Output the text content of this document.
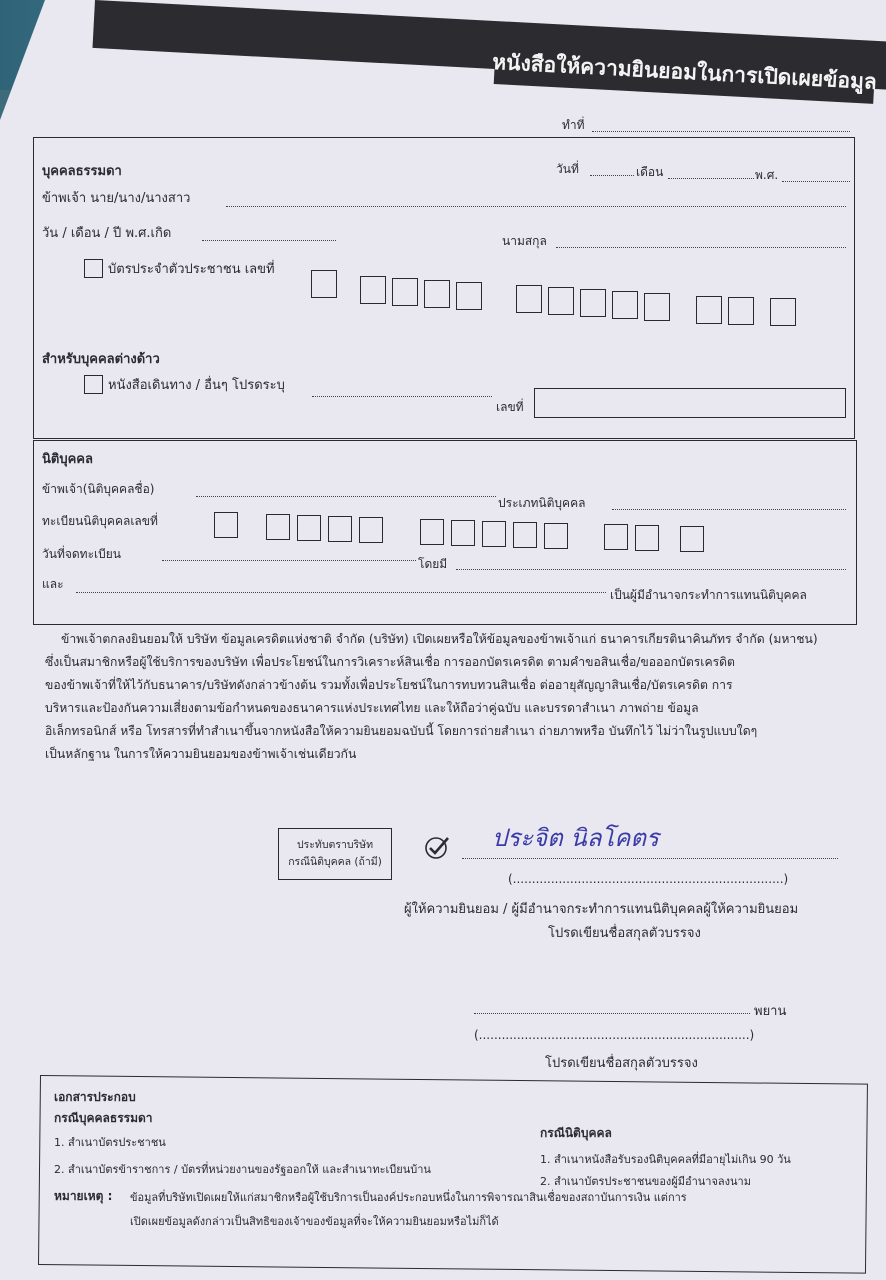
หนังสือให้ความยินยอมในการเปิดเผยข้อมูล
ทำที่
วันที่	เดือน	พ.ศ.
บุคคลธรรมดา
ข้าพเจ้า นาย/นาง/นางสาว
วัน / เดือน / ปี พ.ศ.เกิด	นามสกุล
บัตรประจำตัวประชาชน เลขที่
สำหรับบุคคลต่างด้าว
หนังสือเดินทาง / อื่นๆ โปรดระบุ
เลขที่
นิติบุคคล
ข้าพเจ้า(นิติบุคคลชื่อ)
ประเภทนิติบุคคล
ทะเบียนนิติบุคคลเลขที่
วันที่จดทะเบียน
โดยมี
และ
เป็นผู้มีอำนาจกระทำการแทนนิติบุคคล
ข้าพเจ้าตกลงยินยอมให้ บริษัท ข้อมูลเครดิตแห่งชาติ จำกัด (บริษัท) เปิดเผยหรือให้ข้อมูลของข้าพเจ้าแก่ ธนาคารเกียรตินาคินภัทร จำกัด (มหาชน)
ซึ่งเป็นสมาชิกหรือผู้ใช้บริการของบริษัท เพื่อประโยชน์ในการวิเคราะห์สินเชื่อ การออกบัตรเครดิต ตามคำขอสินเชื่อ/ขอออกบัตรเครดิต
ของข้าพเจ้าที่ให้ไว้กับธนาคาร/บริษัทดังกล่าวข้างต้น รวมทั้งเพื่อประโยชน์ในการทบทวนสินเชื่อ ต่ออายุสัญญาสินเชื่อ/บัตรเครดิต การ
บริหารและป้องกันความเสี่ยงตามข้อกำหนดของธนาคารแห่งประเทศไทย และให้ถือว่าคู่ฉบับ และบรรดาสำเนา ภาพถ่าย ข้อมูล
อิเล็กทรอนิกส์ หรือ โทรสารที่ทำสำเนาขึ้นจากหนังสือให้ความยินยอมฉบับนี้ โดยการถ่ายสำเนา ถ่ายภาพหรือ บันทึกไว้ ไม่ว่าในรูปแบบใดๆ
เป็นหลักฐาน ในการให้ความยินยอมของข้าพเจ้าเช่นเดียวกัน
ประทับตราบริษัท
กรณีนิติบุคคล (ถ้ามี)
ประจิต นิลโคตร
(.......................................................................)
ผู้ให้ความยินยอม / ผู้มีอำนาจกระทำการแทนนิติบุคคลผู้ให้ความยินยอม
โปรดเขียนชื่อสกุลตัวบรรจง
พยาน
(.......................................................................)
โปรดเขียนชื่อสกุลตัวบรรจง
เอกสารประกอบ
กรณีบุคคลธรรมดา
1. สำเนาบัตรประชาชน
2. สำเนาบัตรข้าราชการ / บัตรที่หน่วยงานของรัฐออกให้ และสำเนาทะเบียนบ้าน
กรณีนิติบุคคล
1. สำเนาหนังสือรับรองนิติบุคคลที่มีอายุไม่เกิน 90 วัน
2. สำเนาบัตรประชาชนของผู้มีอำนาจลงนาม
หมายเหตุ : ข้อมูลที่บริษัทเปิดเผยให้แก่สมาชิกหรือผู้ใช้บริการเป็นองค์ประกอบหนึ่งในการพิจารณาสินเชื่อของสถาบันการเงิน แต่การ
เปิดเผยข้อมูลดังกล่าวเป็นสิทธิของเจ้าของข้อมูลที่จะให้ความยินยอมหรือไม่ก็ได้
